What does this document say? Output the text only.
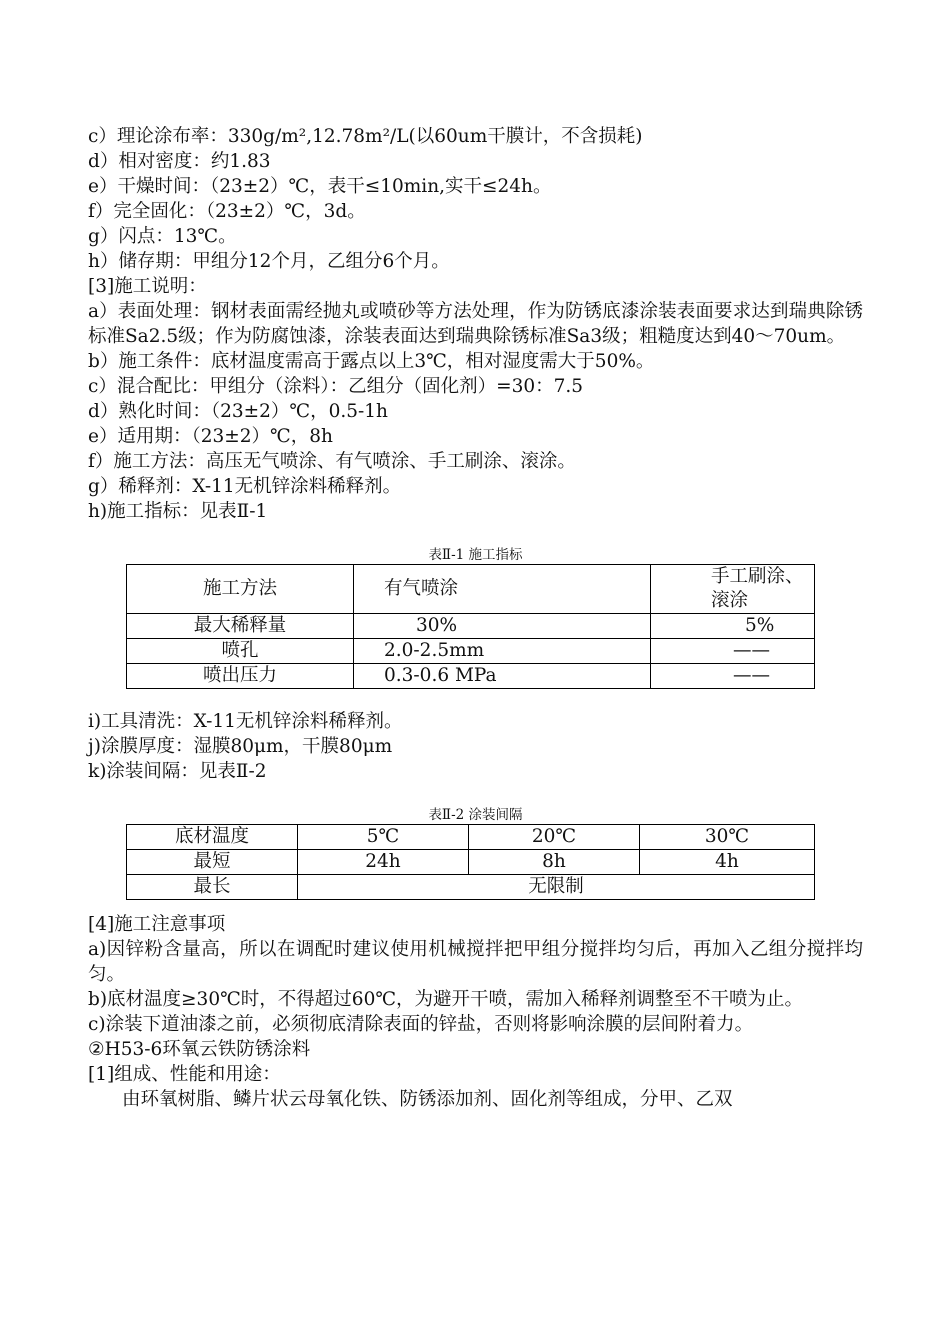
c）理论涂布率：330g/m²,12.78m²/L(以60um干膜计，不含损耗)

d）相对密度：约1.83

e）干燥时间：（23±2）℃，表干≤10min,实干≤24h。

f）完全固化：（23±2）℃，3d。

g）闪点：13℃。

h）储存期：甲组分12个月，乙组分6个月。

[3]施工说明：

a）表面处理：钢材表面需经抛丸或喷砂等方法处理，作为防锈底漆涂装表面要求达到瑞典除锈标准Sa2.5级；作为防腐蚀漆，涂装表面达到瑞典除锈标准Sa3级；粗糙度达到40～70um。

b）施工条件：底材温度需高于露点以上3℃，相对湿度需大于50%。

c）混合配比：甲组分（涂料）：乙组分（固化剂）=30：7.5

d）熟化时间：（23±2）℃，0.5-1h

e）适用期：（23±2）℃，8h

f）施工方法：高压无气喷涂、有气喷涂、手工刷涂、滚涂。

g）稀释剂：X-11无机锌涂料稀释剂。

h)施工指标：见表Ⅱ-1

表Ⅱ-1 施工指标

施工方法	有气喷涂	手工刷涂、滚涂
最大稀释量	30%	5%
喷孔	2.0-2.5mm	——
喷出压力	0.3-0.6 MPa	——

i)工具清洗：X-11无机锌涂料稀释剂。

j)涂膜厚度：湿膜80μm，干膜80μm

k)涂装间隔：见表Ⅱ-2

表Ⅱ-2 涂装间隔

底材温度	5℃	20℃	30℃
最短	24h	8h	4h
最长	无限制		

[4]施工注意事项

a)因锌粉含量高，所以在调配时建议使用机械搅拌把甲组分搅拌均匀后，再加入乙组分搅拌均匀。

b)底材温度≥30℃时，不得超过60℃，为避开干喷，需加入稀释剂调整至不干喷为止。

c)涂装下道油漆之前，必须彻底清除表面的锌盐，否则将影响涂膜的层间附着力。

②H53-6环氧云铁防锈涂料

[1]组成、性能和用途：

由环氧树脂、鳞片状云母氧化铁、防锈添加剂、固化剂等组成，分甲、乙双
